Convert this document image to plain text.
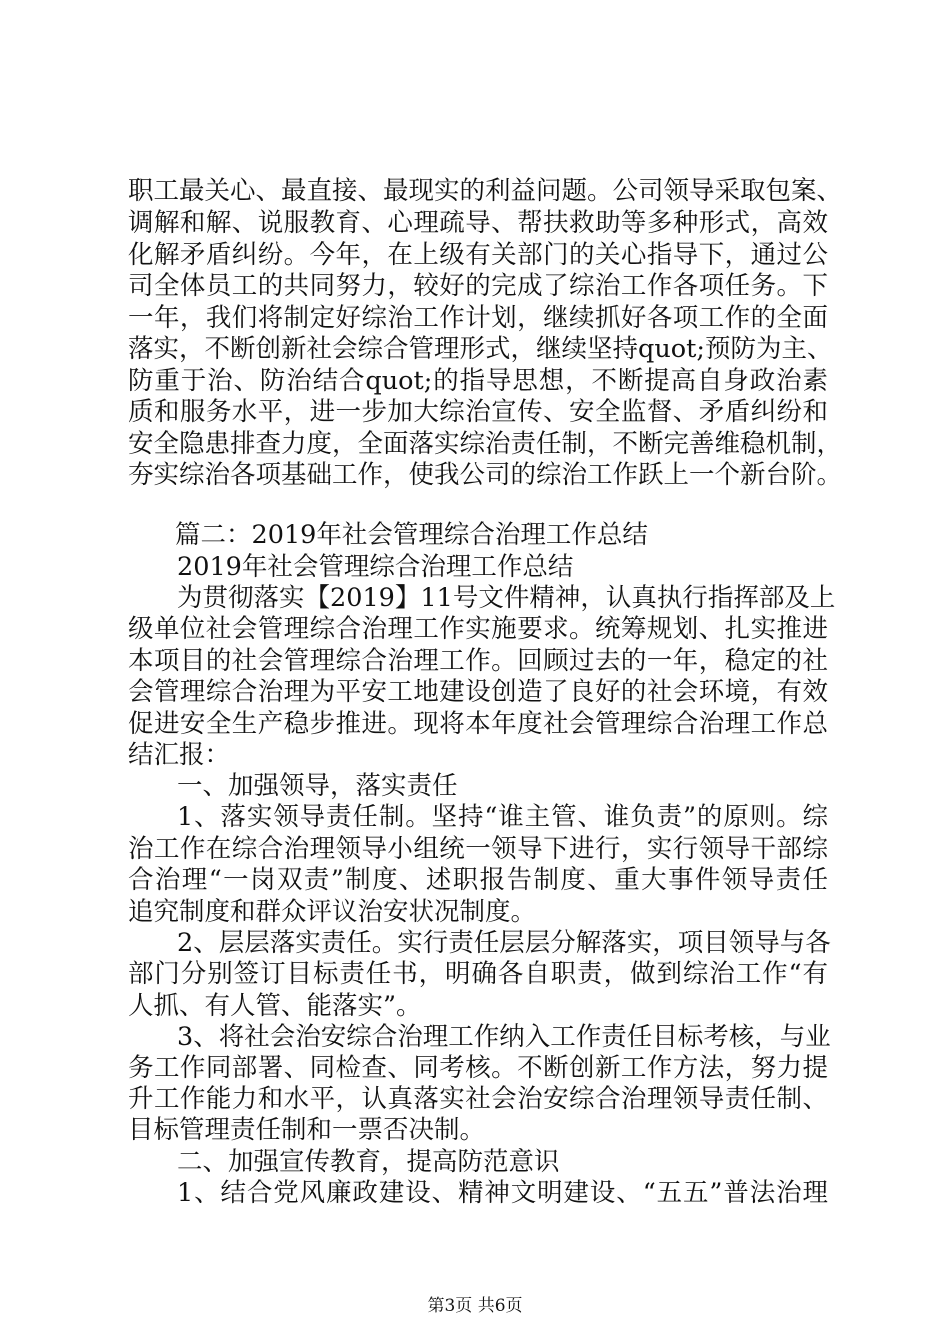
职工最关心、最直接、最现实的利益问题。公司领导采取包案、
调解和解、说服教育、心理疏导、帮扶救助等多种形式，高效
化解矛盾纠纷。今年，在上级有关部门的关心指导下，通过公
司全体员工的共同努力，较好的完成了综治工作各项任务。下
一年，我们将制定好综治工作计划，继续抓好各项工作的全面
落实，不断创新社会综合管理形式，继续坚持quot;预防为主、
防重于治、防治结合quot;的指导思想，不断提高自身政治素
质和服务水平，进一步加大综治宣传、安全监督、矛盾纠纷和
安全隐患排查力度，全面落实综治责任制，不断完善维稳机制，
夯实综治各项基础工作，使我公司的综治工作跃上一个新台阶。
篇二：2019年社会管理综合治理工作总结
2019年社会管理综合治理工作总结
为贯彻落实【2019】11号文件精神，认真执行指挥部及上
级单位社会管理综合治理工作实施要求。统筹规划、扎实推进
本项目的社会管理综合治理工作。回顾过去的一年，稳定的社
会管理综合治理为平安工地建设创造了良好的社会环境，有效
促进安全生产稳步推进。现将本年度社会管理综合治理工作总
结汇报：
一、加强领导，落实责任
1、落实领导责任制。坚持“谁主管、谁负责”的原则。综
治工作在综合治理领导小组统一领导下进行，实行领导干部综
合治理“一岗双责”制度、述职报告制度、重大事件领导责任
追究制度和群众评议治安状况制度。
2、层层落实责任。实行责任层层分解落实，项目领导与各
部门分别签订目标责任书，明确各自职责，做到综治工作“有
人抓、有人管、能落实”。
3、将社会治安综合治理工作纳入工作责任目标考核，与业
务工作同部署、同检查、同考核。不断创新工作方法，努力提
升工作能力和水平，认真落实社会治安综合治理领导责任制、
目标管理责任制和一票否决制。
二、加强宣传教育，提高防范意识
1、结合党风廉政建设、精神文明建设、“五五”普法治理
第3页 共6页
